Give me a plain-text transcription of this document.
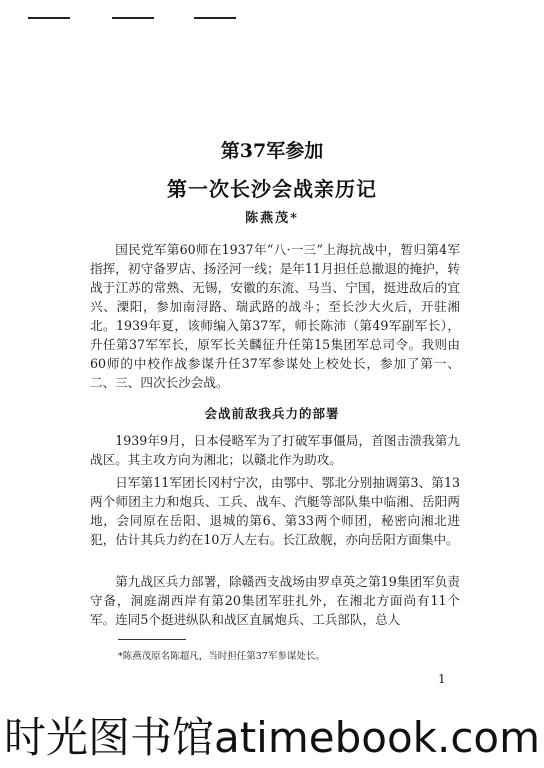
第37军参加
第一次长沙会战亲历记
陈燕茂*

国民党军第60师在1937年“八·一三”上海抗战中，暂归第4军指挥，初守备罗店、扬泾河一线；是年11月担任总撤退的掩护，转战于江苏的常熟、无锡，安徽的东流、马当、宁国，挺进敌后的宜兴、溧阳，参加南浔路、瑞武路的战斗；至长沙大火后，开驻湘北。1939年夏，该师编入第37军，师长陈沛（第49军副军长），升任第37军军长，原军长关麟征升任第15集团军总司令。我则由60师的中校作战参谋升任37军参谋处上校处长，参加了第一、二、三、四次长沙会战。

会战前敌我兵力的部署

1939年9月，日本侵略军为了打破军事僵局，首图击溃我第九战区。其主攻方向为湘北；以赣北作为助攻。

日军第11军团长冈村宁次，由鄂中、鄂北分别抽调第3、第13两个师团主力和炮兵、工兵、战车、汽艇等部队集中临湘、岳阳两地，会同原在岳阳、退城的第6、第33两个师团，秘密向湘北进犯，估计其兵力约在10万人左右。长江敌舰，亦向岳阳方面集中。

第九战区兵力部署，除赣西支战场由罗卓英之第19集团军负责守备，洞庭湖西岸有第20集团军驻扎外，在湘北方面尚有11个军。连同5个挺进纵队和战区直属炮兵、工兵部队，总人

*陈燕茂原名陈超凡，当时担任第37军参谋处长。
1
时光图书馆atimebook.com
